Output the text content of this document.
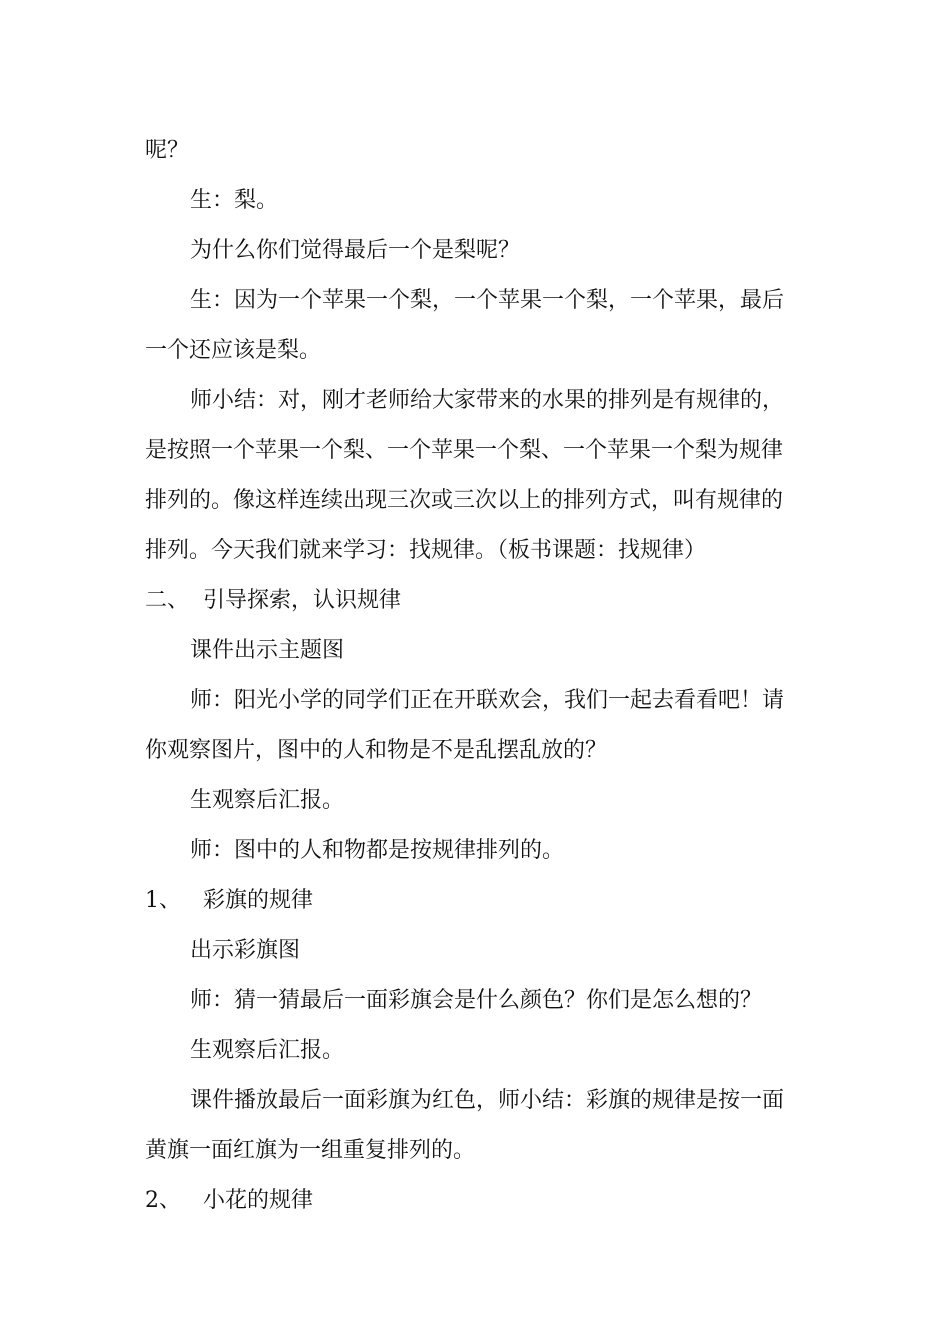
呢？
生：梨。
为什么你们觉得最后一个是梨呢？
生：因为一个苹果一个梨，一个苹果一个梨，一个苹果，最后
一个还应该是梨。
师小结：对，刚才老师给大家带来的水果的排列是有规律的，
是按照一个苹果一个梨、一个苹果一个梨、一个苹果一个梨为规律
排列的。像这样连续出现三次或三次以上的排列方式，叫有规律的
排列。今天我们就来学习：找规律。（板书课题：找规律）
二、 引导探索，认识规律
课件出示主题图
师：阳光小学的同学们正在开联欢会，我们一起去看看吧！请
你观察图片，图中的人和物是不是乱摆乱放的？
生观察后汇报。
师：图中的人和物都是按规律排列的。
1、 彩旗的规律
出示彩旗图
师：猜一猜最后一面彩旗会是什么颜色？你们是怎么想的？
生观察后汇报。
课件播放最后一面彩旗为红色，师小结：彩旗的规律是按一面
黄旗一面红旗为一组重复排列的。
2、 小花的规律
